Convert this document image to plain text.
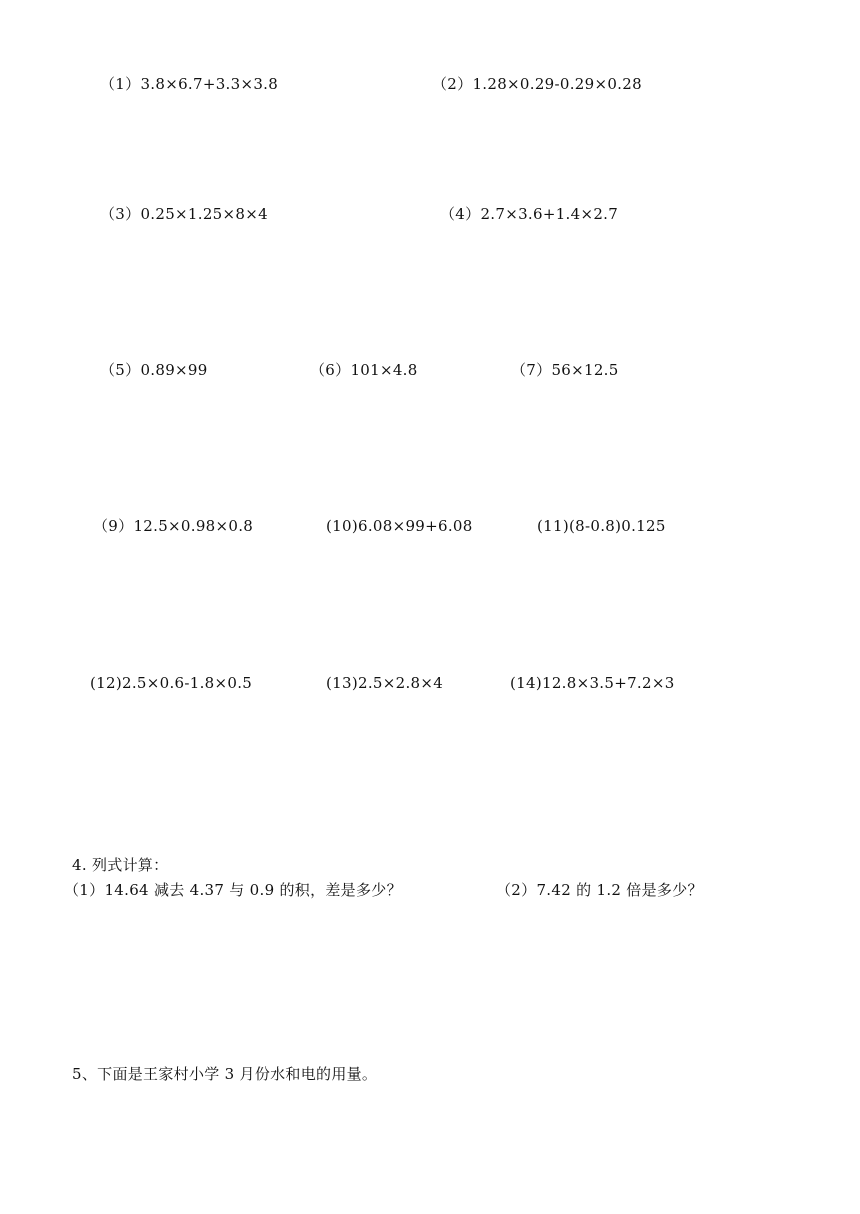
（1）3.8×6.7+3.3×3.8	（2）1.28×0.29-0.29×0.28
（3）0.25×1.25×8×4	（4）2.7×3.6+1.4×2.7
（5）0.89×99	（6）101×4.8	（7）56×12.5
（9）12.5×0.98×0.8	(10)6.08×99+6.08	(11)(8-0.8)0.125
(12)2.5×0.6-1.8×0.5	(13)2.5×2.8×4	(14)12.8×3.5+7.2×3
4. 列式计算：
（1）14.64 减去 4.37 与 0.9 的积，差是多少？	（2）7.42 的 1.2 倍是多少？
5、下面是王家村小学 3 月份水和电的用量。
